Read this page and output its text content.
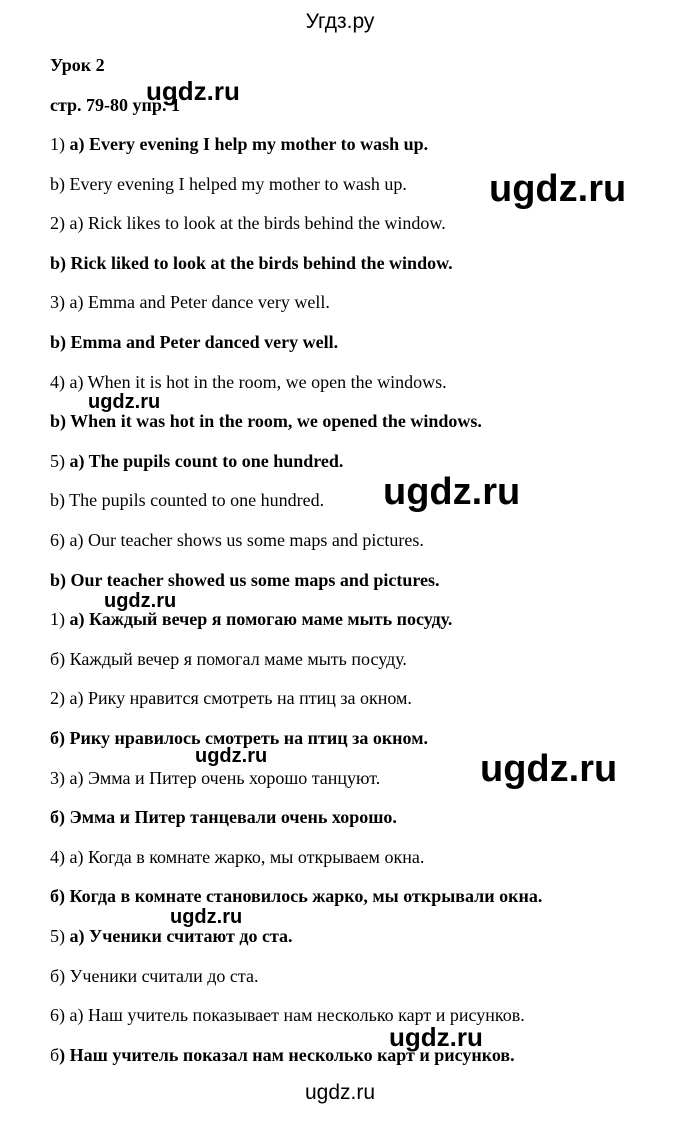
Угдз.ру
Урок 2
стр. 79-80 упр. 1
1) a) Every evening I help my mother to wash up.
b) Every evening I helped my mother to wash up.
2) a) Rick likes to look at the birds behind the window.
b) Rick liked to look at the birds behind the window.
3) a) Emma and Peter dance very well.
b) Emma and Peter danced very well.
4) a) When it is hot in the room, we open the windows.
b) When it was hot in the room, we opened the windows.
5) a) The pupils count to one hundred.
b) The pupils counted to one hundred.
6) a) Our teacher shows us some maps and pictures.
b) Our teacher showed us some maps and pictures.
1) а) Каждый вечер я помогаю маме мыть посуду.
б) Каждый вечер я помогал маме мыть посуду.
2) а) Рику нравится смотреть на птиц за окном.
б) Рику нравилось смотреть на птиц за окном.
3) а) Эмма и Питер очень хорошо танцуют.
б) Эмма и Питер танцевали очень хорошо.
4) а) Когда в комнате жарко, мы открываем окна.
б) Когда в комнате становилось жарко, мы открывали окна.
5) а) Ученики считают до ста.
б) Ученики считали до ста.
6) а) Наш учитель показывает нам несколько карт и рисунков.
б) Наш учитель показал нам несколько карт и рисунков.
ugdz.ru
ugdz.ru
ugdz.ru
ugdz.ru
ugdz.ru
ugdz.ru	ugdz.ru
ugdz.ru
ugdz.ru
ugdz.ru
